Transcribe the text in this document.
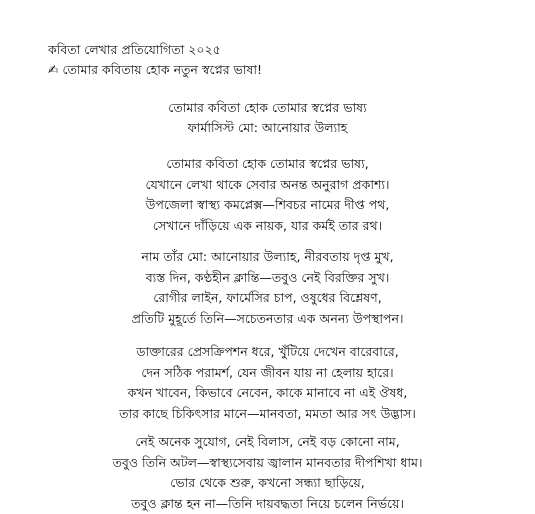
কবিতা লেখার প্রতিযোগিতা ২০২৫
✍ তোমার কবিতায় হোক নতুন স্বপ্নের ভাষা!
তোমার কবিতা হোক তোমার স্বপ্নের ভাষ্য
ফার্মাসিস্ট মো: আনোয়ার উল্যাহ
তোমার কবিতা হোক তোমার স্বপ্নের ভাষ্য,
যেখানে লেখা থাকে সেবার অনন্ত অনুরাগ প্রকাশ্য।
উপজেলা স্বাস্থ্য কমপ্লেক্স—শিবচর নামের দীপ্ত পথ,
সেখানে দাঁড়িয়ে এক নায়ক, যার কর্মই তার রথ।
নাম তাঁর মো: আনোয়ার উল্যাহ, নীরবতায় দৃপ্ত মুখ,
ব্যস্ত দিন, কণ্ঠহীন ক্লান্তি—তবুও নেই বিরক্তির সুখ।
রোগীর লাইন, ফার্মেসির চাপ, ওষুধের বিশ্লেষণ,
প্রতিটি মুহূর্তে তিনি—সচেতনতার এক অনন্য উপস্থাপন।
ডাক্তারের প্রেসক্রিপশন ধরে, খুঁটিয়ে দেখেন বারেবারে,
দেন সঠিক পরামর্শ, যেন জীবন যায় না হেলায় হারে।
কখন খাবেন, কিভাবে নেবেন, কাকে মানাবে না এই ঔষধ,
তার কাছে চিকিৎসার মানে—মানবতা, মমতা আর সৎ উদ্ভাস।
নেই অনেক সুযোগ, নেই বিলাস, নেই বড় কোনো নাম,
তবুও তিনি অটল—স্বাস্থ্যসেবায় জ্বালান মানবতার দীপশিখা ধাম।
ভোর থেকে শুরু, কখনো সন্ধ্যা ছাড়িয়ে,
তবুও ক্লান্ত হন না—তিনি দায়বদ্ধতা নিয়ে চলেন নির্ভয়ে।
